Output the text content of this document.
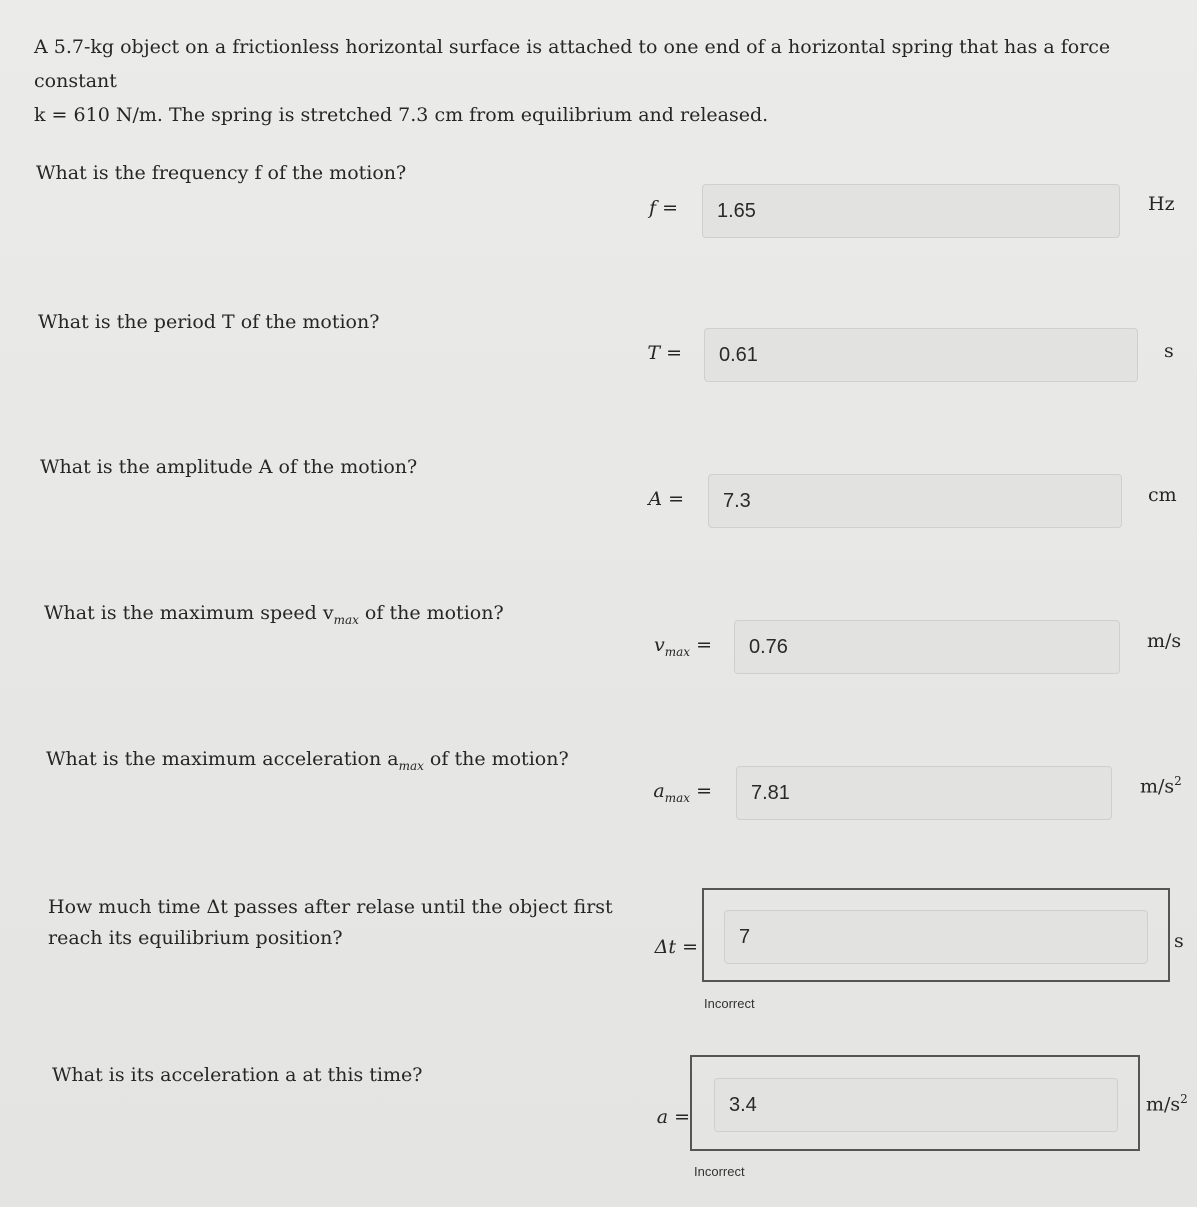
A 5.7-kg object on a frictionless horizontal surface is attached to one end of a horizontal spring that has a force constant
k = 610 N/m. The spring is stretched 7.3 cm from equilibrium and released.
What is the frequency f of the motion?
f =	1.65	Hz
What is the period T of the motion?
T =	0.61	s
What is the amplitude A of the motion?
A =	7.3	cm
What is the maximum speed $v_{max}$ of the motion?
$v_{max}$ =	0.76	m/s
What is the maximum acceleration $a_{max}$ of the motion?
$a_{max}$ =	7.81	$m/s^2$
How much time Δt passes after relase until the object first
reach its equilibrium position?	Δt =	7	s
Incorrect
What is its acceleration a at this time?
a =
3.4	$m/s^2$
Incorrect
